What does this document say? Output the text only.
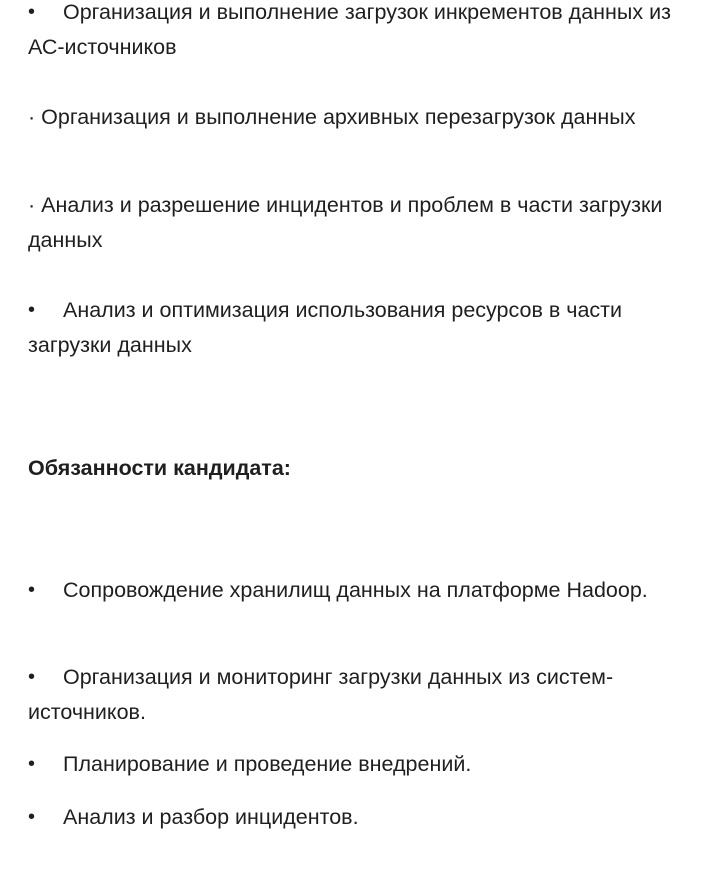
• Организация и выполнение загрузок инкрементов данных из АС-источников

· Организация и выполнение архивных перезагрузок данных

· Анализ и разрешение инцидентов и проблем в части загрузки данных

• Анализ и оптимизация использования ресурсов в части загрузки данных

Обязанности кандидата:

• Сопровождение хранилищ данных на платформе Hadoop.

• Организация и мониторинг загрузки данных из систем-источников.

• Планирование и проведение внедрений.

• Анализ и разбор инцидентов.
